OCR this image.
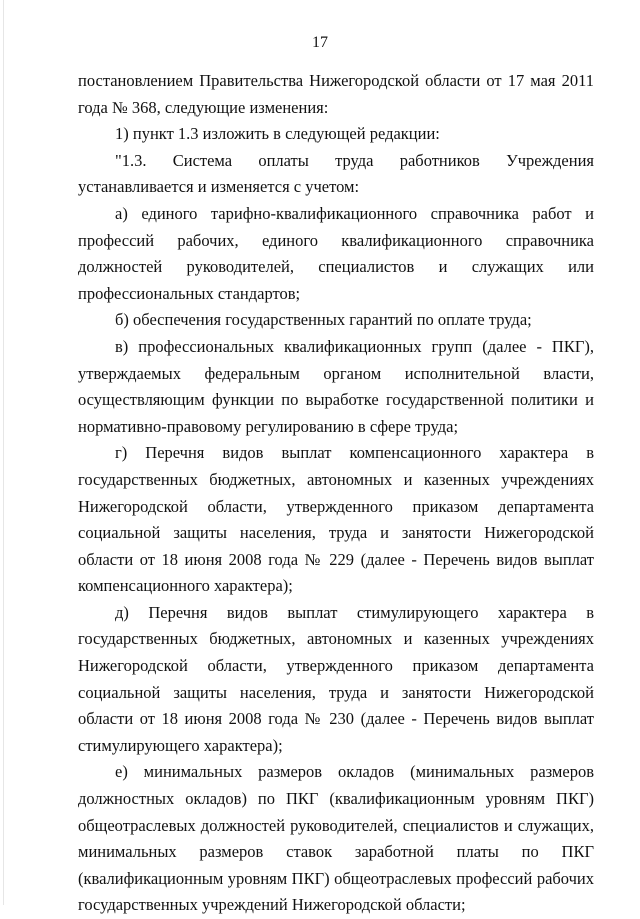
17

постановлением Правительства Нижегородской области от 17 мая 2011 года № 368, следующие изменения:

1) пункт 1.3 изложить в следующей редакции:

"1.3. Система оплаты труда работников Учреждения устанавливается и изменяется с учетом:

а) единого тарифно-квалификационного справочника работ и профессий рабочих, единого квалификационного справочника должностей руководителей, специалистов и служащих или профессиональных стандартов;

б) обеспечения государственных гарантий по оплате труда;

в) профессиональных квалификационных групп (далее - ПКГ), утверждаемых федеральным органом исполнительной власти, осуществляющим функции по выработке государственной политики и нормативно-правовому регулированию в сфере труда;

г) Перечня видов выплат компенсационного характера в государственных бюджетных, автономных и казенных учреждениях Нижегородской области, утвержденного приказом департамента социальной защиты населения, труда и занятости Нижегородской области от 18 июня 2008 года № 229 (далее - Перечень видов выплат компенсационного характера);

д) Перечня видов выплат стимулирующего характера в государственных бюджетных, автономных и казенных учреждениях Нижегородской области, утвержденного приказом департамента социальной защиты населения, труда и занятости Нижегородской области от 18 июня 2008 года № 230 (далее - Перечень видов выплат стимулирующего характера);

е) минимальных размеров окладов (минимальных размеров должностных окладов) по ПКГ (квалификационным уровням ПКГ) общеотраслевых должностей руководителей, специалистов и служащих, минимальных размеров ставок заработной платы по ПКГ (квалификационным уровням ПКГ) общеотраслевых профессий рабочих государственных учреждений Нижегородской области;
